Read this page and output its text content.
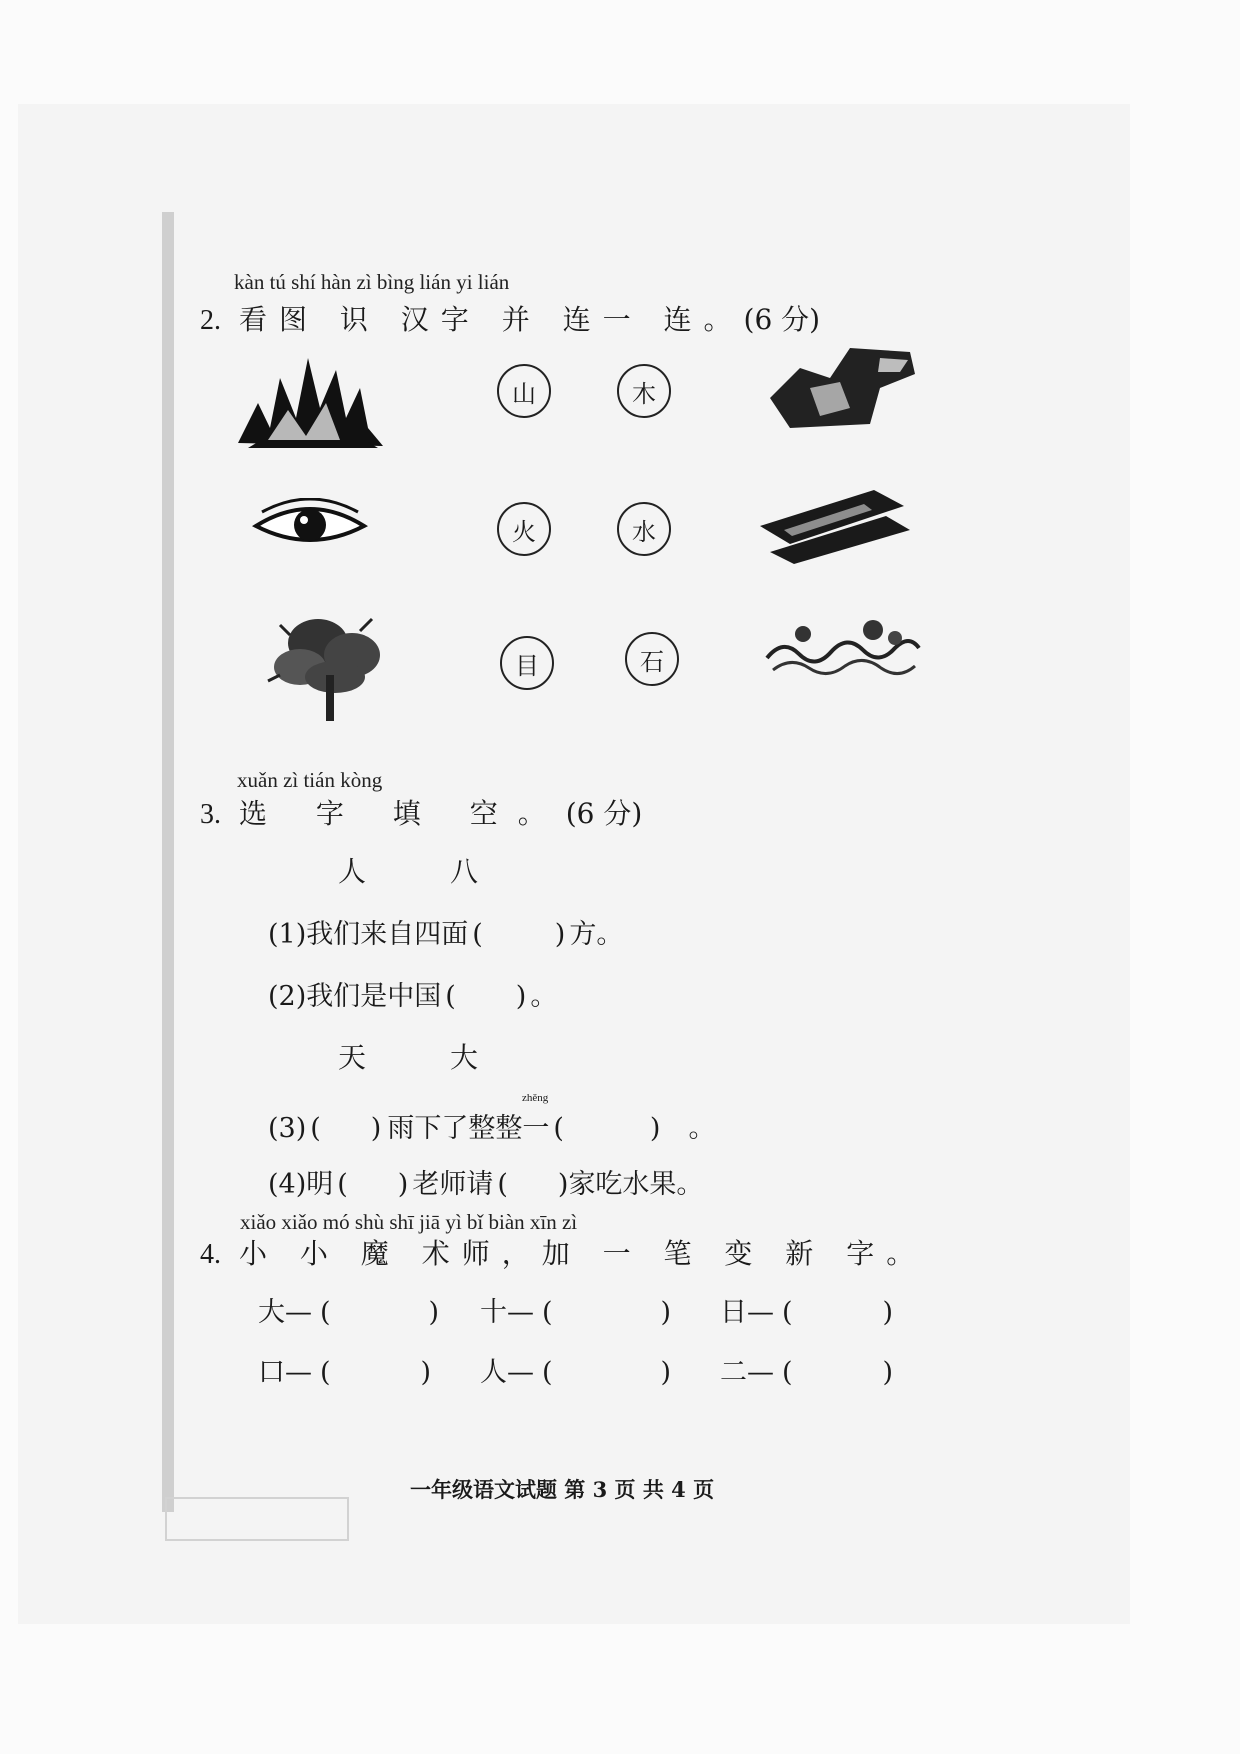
kàn tú shí hàn zì bìng lián yi lián
2. 看图 识 汉字 并 连一 连。(6 分)
山	木
火	水
目	石
xuǎn zì tián kòng
3. 选 字 填 空。(6 分)
人	八
(1)我们来自四面 (	) 方。
(2)我们是中国 ( ) 。
天	大
zhěng
(3) ( ) 雨下了整整一 (	) 。
(4)明 ( ) 老师请 ( )家吃水果。
xiǎo xiǎo mó shù shī jiā yì bǐ biàn xīn zì
4. 小 小 魔 术师，加 一 笔 变 新 字。
大— (	) 十— (	) 日— (	)
口— (	) 人— (	) 二— (	)
一年级语文试题 第 3 页 共 4 页
